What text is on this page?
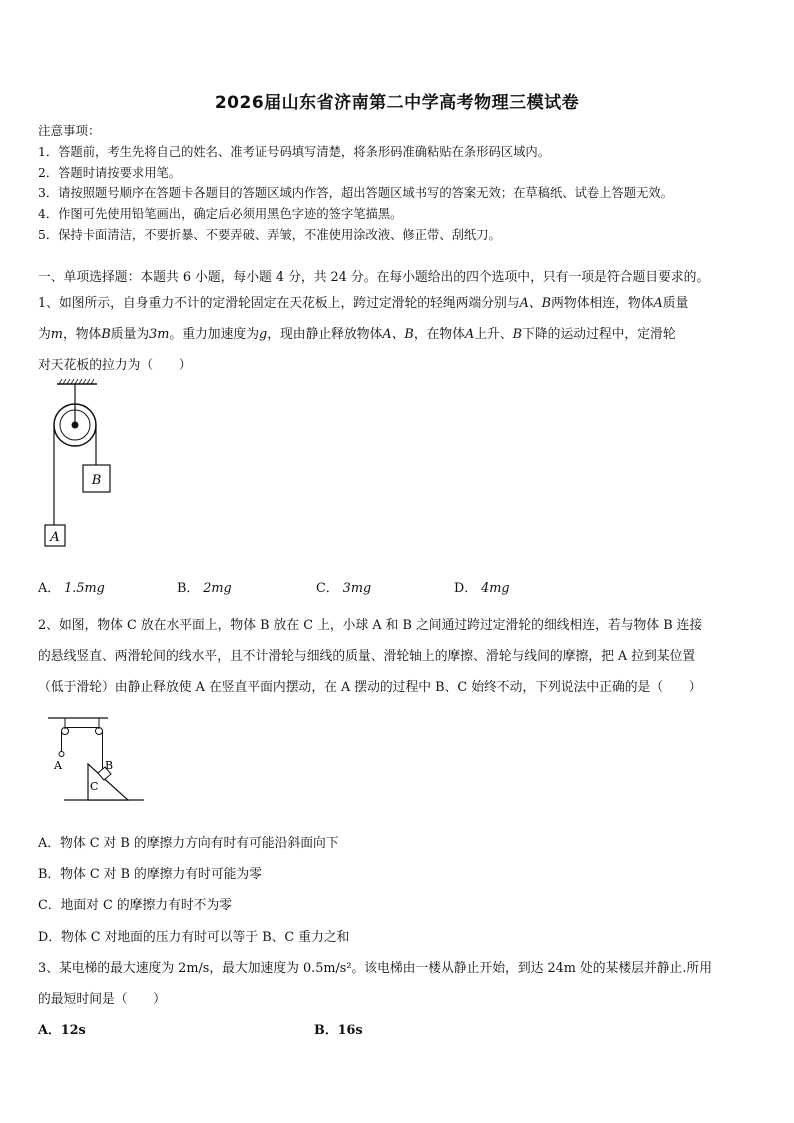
2026届山东省济南第二中学高考物理三模试卷
注意事项：
1．答题前，考生先将自己的姓名、准考证号码填写清楚，将条形码准确粘贴在条形码区域内。
2．答题时请按要求用笔。
3．请按照题号顺序在答题卡各题目的答题区域内作答，超出答题区域书写的答案无效；在草稿纸、试卷上答题无效。
4．作图可先使用铅笔画出，确定后必须用黑色字迹的签字笔描黑。
5．保持卡面清洁，不要折暴、不要弄破、弄皱，不准使用涂改液、修正带、刮纸刀。
一、单项选择题：本题共 6 小题，每小题 4 分，共 24 分。在每小题给出的四个选项中，只有一项是符合题目要求的。
1、如图所示，自身重力不计的定滑轮固定在天花板上，跨过定滑轮的轻绳两端分别与A、B两物体相连，物体A质量
为m，物体B质量为3m。重力加速度为g，现由静止释放物体A、B，在物体A上升、B下降的运动过程中，定滑轮
对天花板的拉力为（　　）
B
A
A． 1.5mg	B． 2mg	C． 3mg	D． 4mg
2、如图，物体 C 放在水平面上，物体 B 放在 C 上，小球 A 和 B 之间通过跨过定滑轮的细线相连，若与物体 B 连接
的悬线竖直、两滑轮间的线水平，且不计滑轮与细线的质量、滑轮轴上的摩擦、滑轮与线间的摩擦，把 A 拉到某位置
（低于滑轮）由静止释放使 A 在竖直平面内摆动，在 A 摆动的过程中 B、C 始终不动，下列说法中正确的是（　　）
A	B
C
A．物体 C 对 B 的摩擦力方向有时有可能沿斜面向下
B．物体 C 对 B 的摩擦力有时可能为零
C．地面对 C 的摩擦力有时不为零
D．物体 C 对地面的压力有时可以等于 B、C 重力之和
3、某电梯的最大速度为 2m/s，最大加速度为 0.5m/s²。该电梯由一楼从静止开始，到达 24m 处的某楼层并静止.所用
的最短时间是（　　）
A．12s	B．16s
